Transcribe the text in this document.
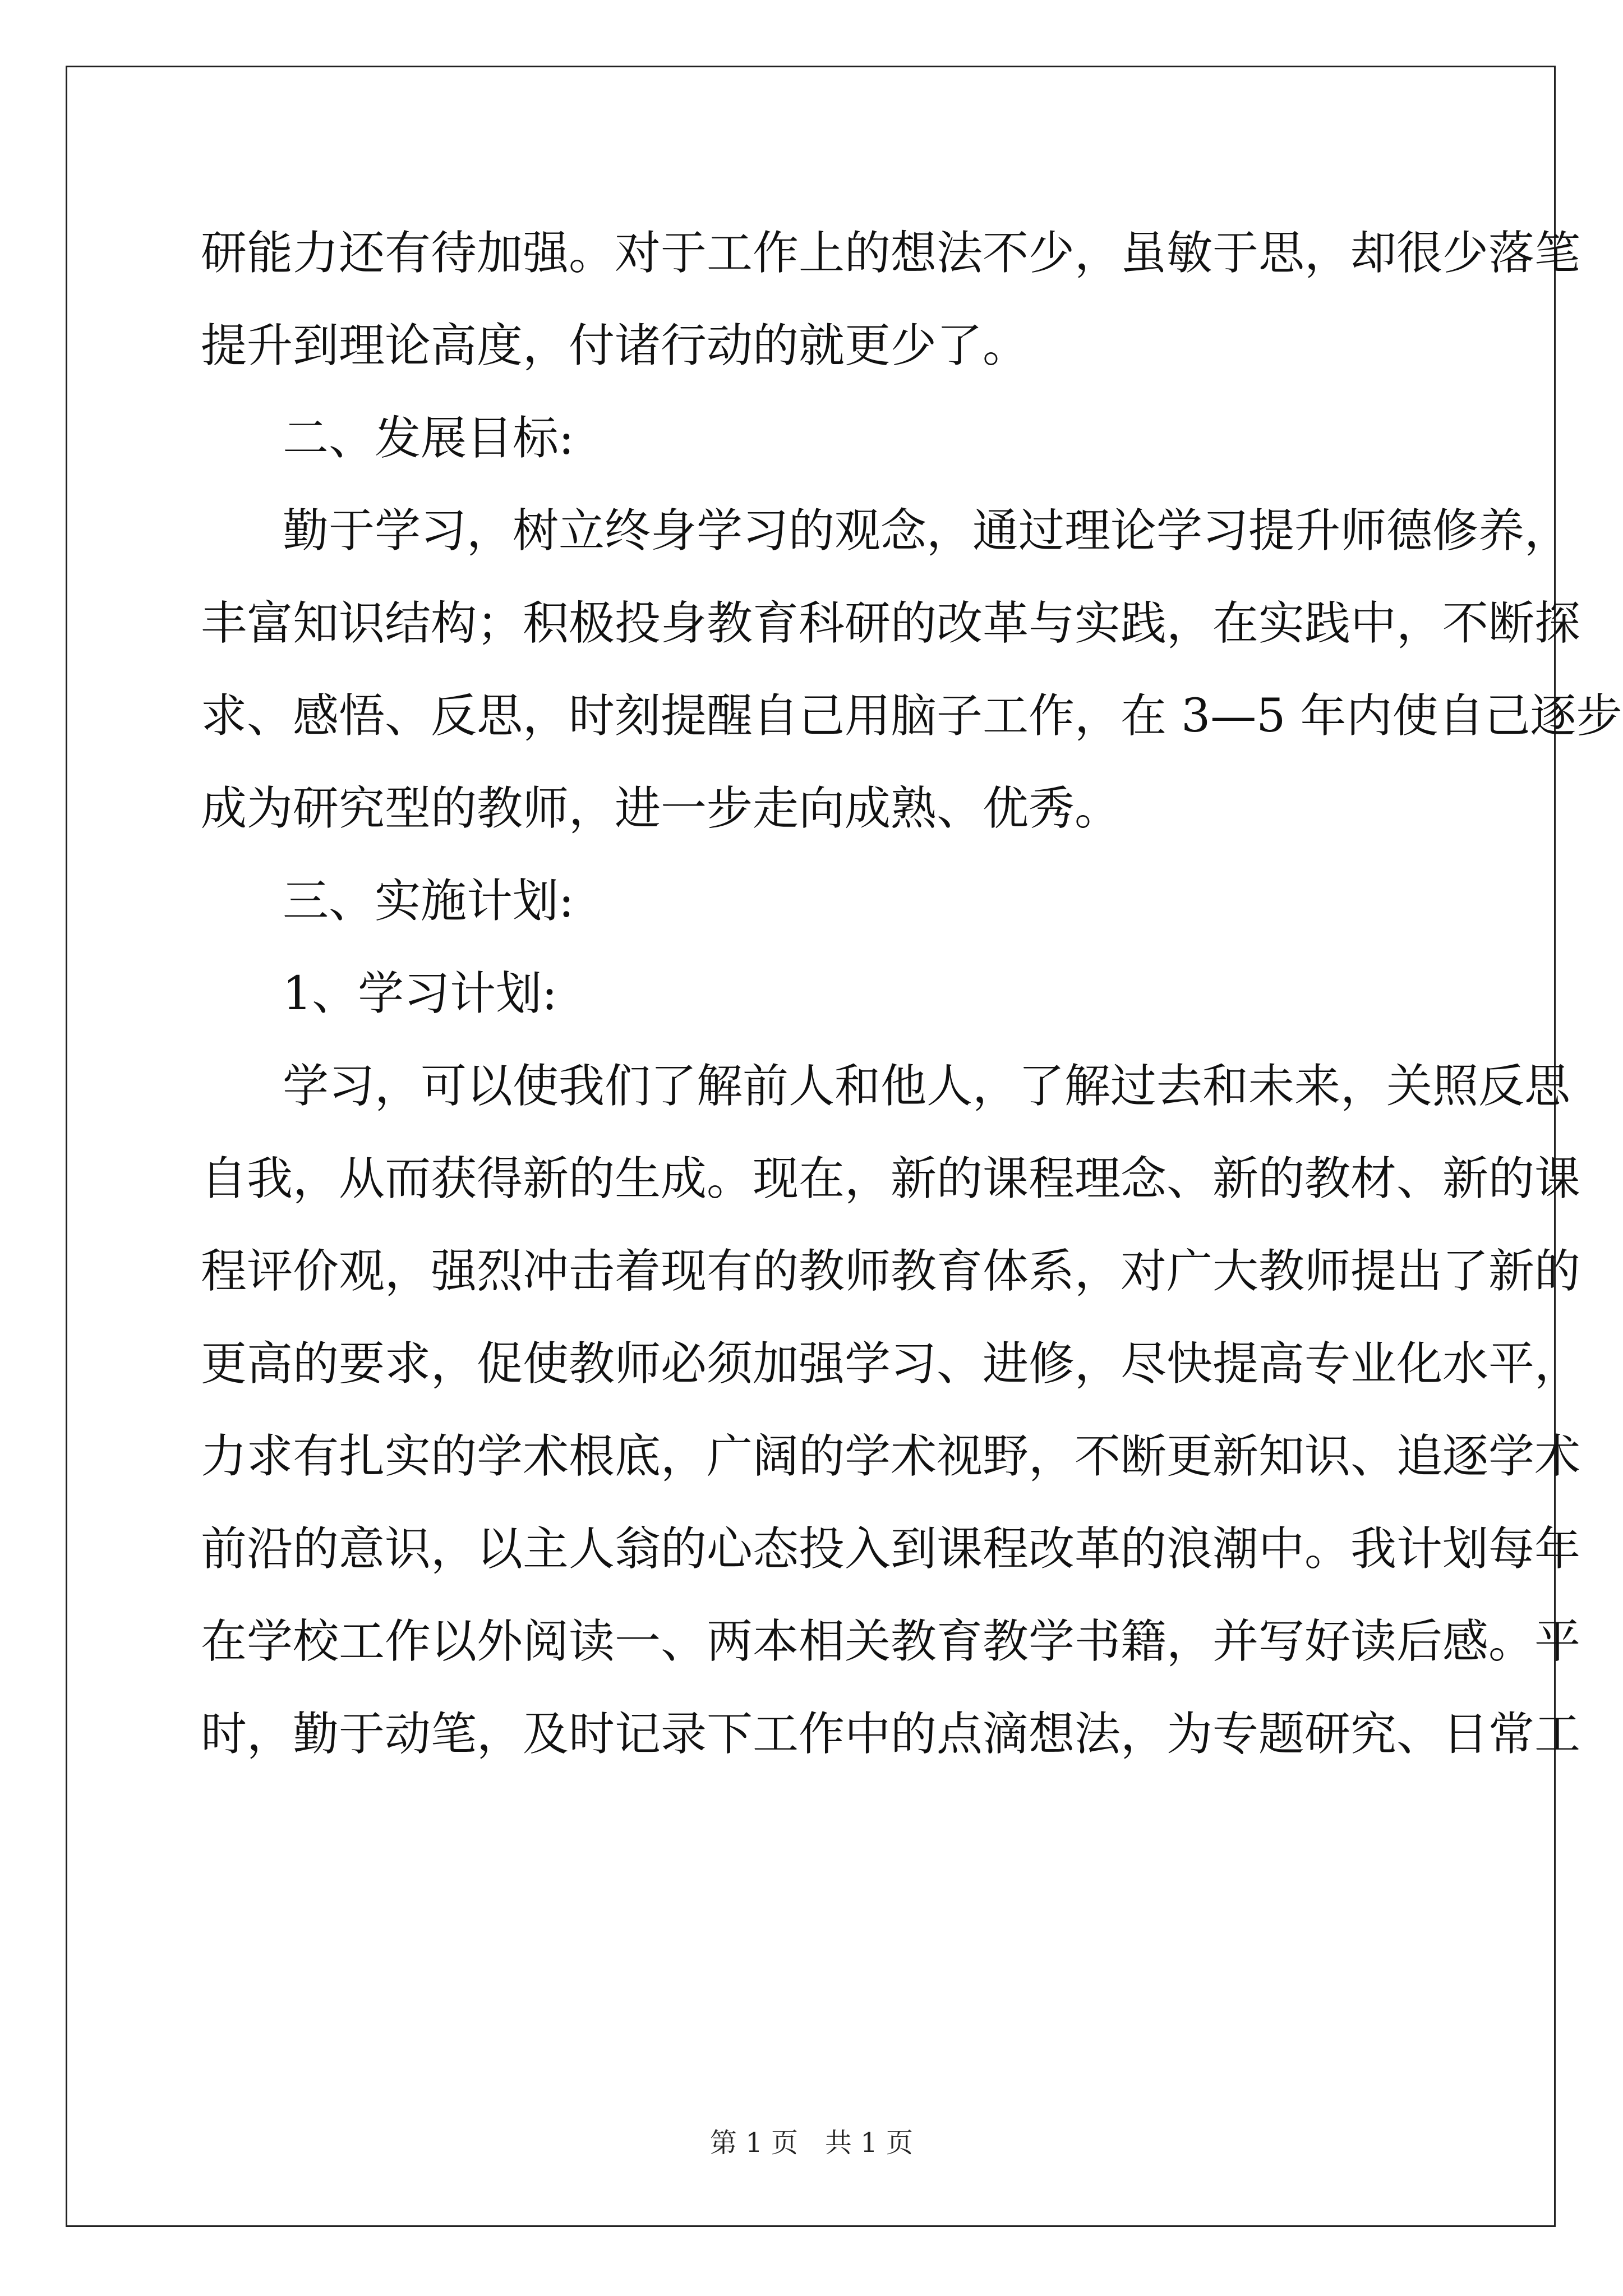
研能力还有待加强。对于工作上的想法不少，虽敏于思，却很少落笔
提升到理论高度，付诸行动的就更少了。
二、发展目标:
勤于学习，树立终身学习的观念，通过理论学习提升师德修养，
丰富知识结构；积极投身教育科研的改革与实践，在实践中，不断探
求、感悟、反思，时刻提醒自己用脑子工作，在 3—5 年内使自己逐步
成为研究型的教师，进一步走向成熟、优秀。
三、实施计划:
1、学习计划:
学习，可以使我们了解前人和他人，了解过去和未来，关照反思
自我，从而获得新的生成。现在，新的课程理念、新的教材、新的课
程评价观，强烈冲击着现有的教师教育体系，对广大教师提出了新的
更高的要求，促使教师必须加强学习、进修，尽快提高专业化水平，
力求有扎实的学术根底，广阔的学术视野，不断更新知识、追逐学术
前沿的意识，以主人翁的心态投入到课程改革的浪潮中。我计划每年
在学校工作以外阅读一、两本相关教育教学书籍，并写好读后感。平
时，勤于动笔，及时记录下工作中的点滴想法，为专题研究、日常工
第 1 页　共 1 页
